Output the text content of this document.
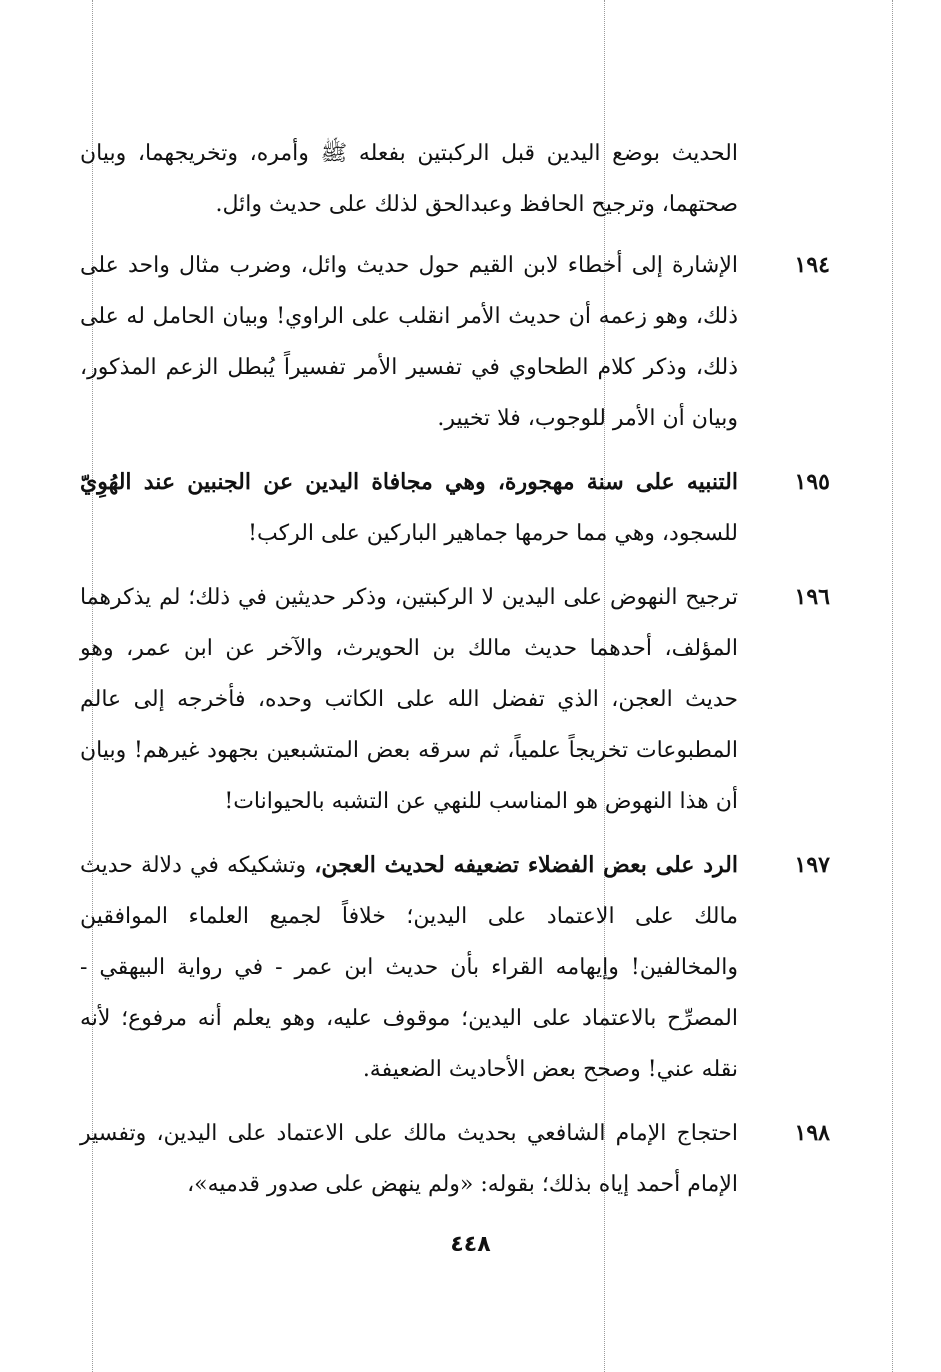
الحديث بوضع اليدين قبل الركبتين بفعله ﷺ وأمره، وتخريجهما، وبيان صحتهما، وترجيح الحافظ وعبدالحق لذلك على حديث وائل.

١٩٤
الإشارة إلى أخطاء لابن القيم حول حديث وائل، وضرب مثال واحد على ذلك، وهو زعمه أن حديث الأمر انقلب على الراوي! وبيان الحامل له على ذلك، وذكر كلام الطحاوي في تفسير الأمر تفسيراً يُبطل الزعم المذكور، وبيان أن الأمر للوجوب، فلا تخيير.
١٩٥
التنبيه على سنة مهجورة، وهي مجافاة اليدين عن الجنبين عند الهُوِيّ للسجود، وهي مما حرمها جماهير الباركين على الركب!
١٩٦
ترجيح النهوض على اليدين لا الركبتين، وذكر حديثين في ذلك؛ لم يذكرهما المؤلف، أحدهما حديث مالك بن الحويرث، والآخر عن ابن عمر، وهو حديث العجن، الذي تفضل الله على الكاتب وحده، فأخرجه إلى عالم المطبوعات تخريجاً علمياً، ثم سرقه بعض المتشبعين بجهود غيرهم! وبيان أن هذا النهوض هو المناسب للنهي عن التشبه بالحيوانات!
١٩٧
الرد على بعض الفضلاء تضعيفه لحديث العجن، وتشكيكه في دلالة حديث مالك على الاعتماد على اليدين؛ خلافاً لجميع العلماء الموافقين والمخالفين! وإيهامه القراء بأن حديث ابن عمر - في رواية البيهقي - المصرِّح بالاعتماد على اليدين؛ موقوف عليه، وهو يعلم أنه مرفوع؛ لأنه نقله عني! وصحح بعض الأحاديث الضعيفة.
١٩٨
احتجاج الإمام الشافعي بحديث مالك على الاعتماد على اليدين، وتفسير الإمام أحمد إياه بذلك؛ بقوله: «ولم ينهض على صدور قدميه»،
٤٤٨
